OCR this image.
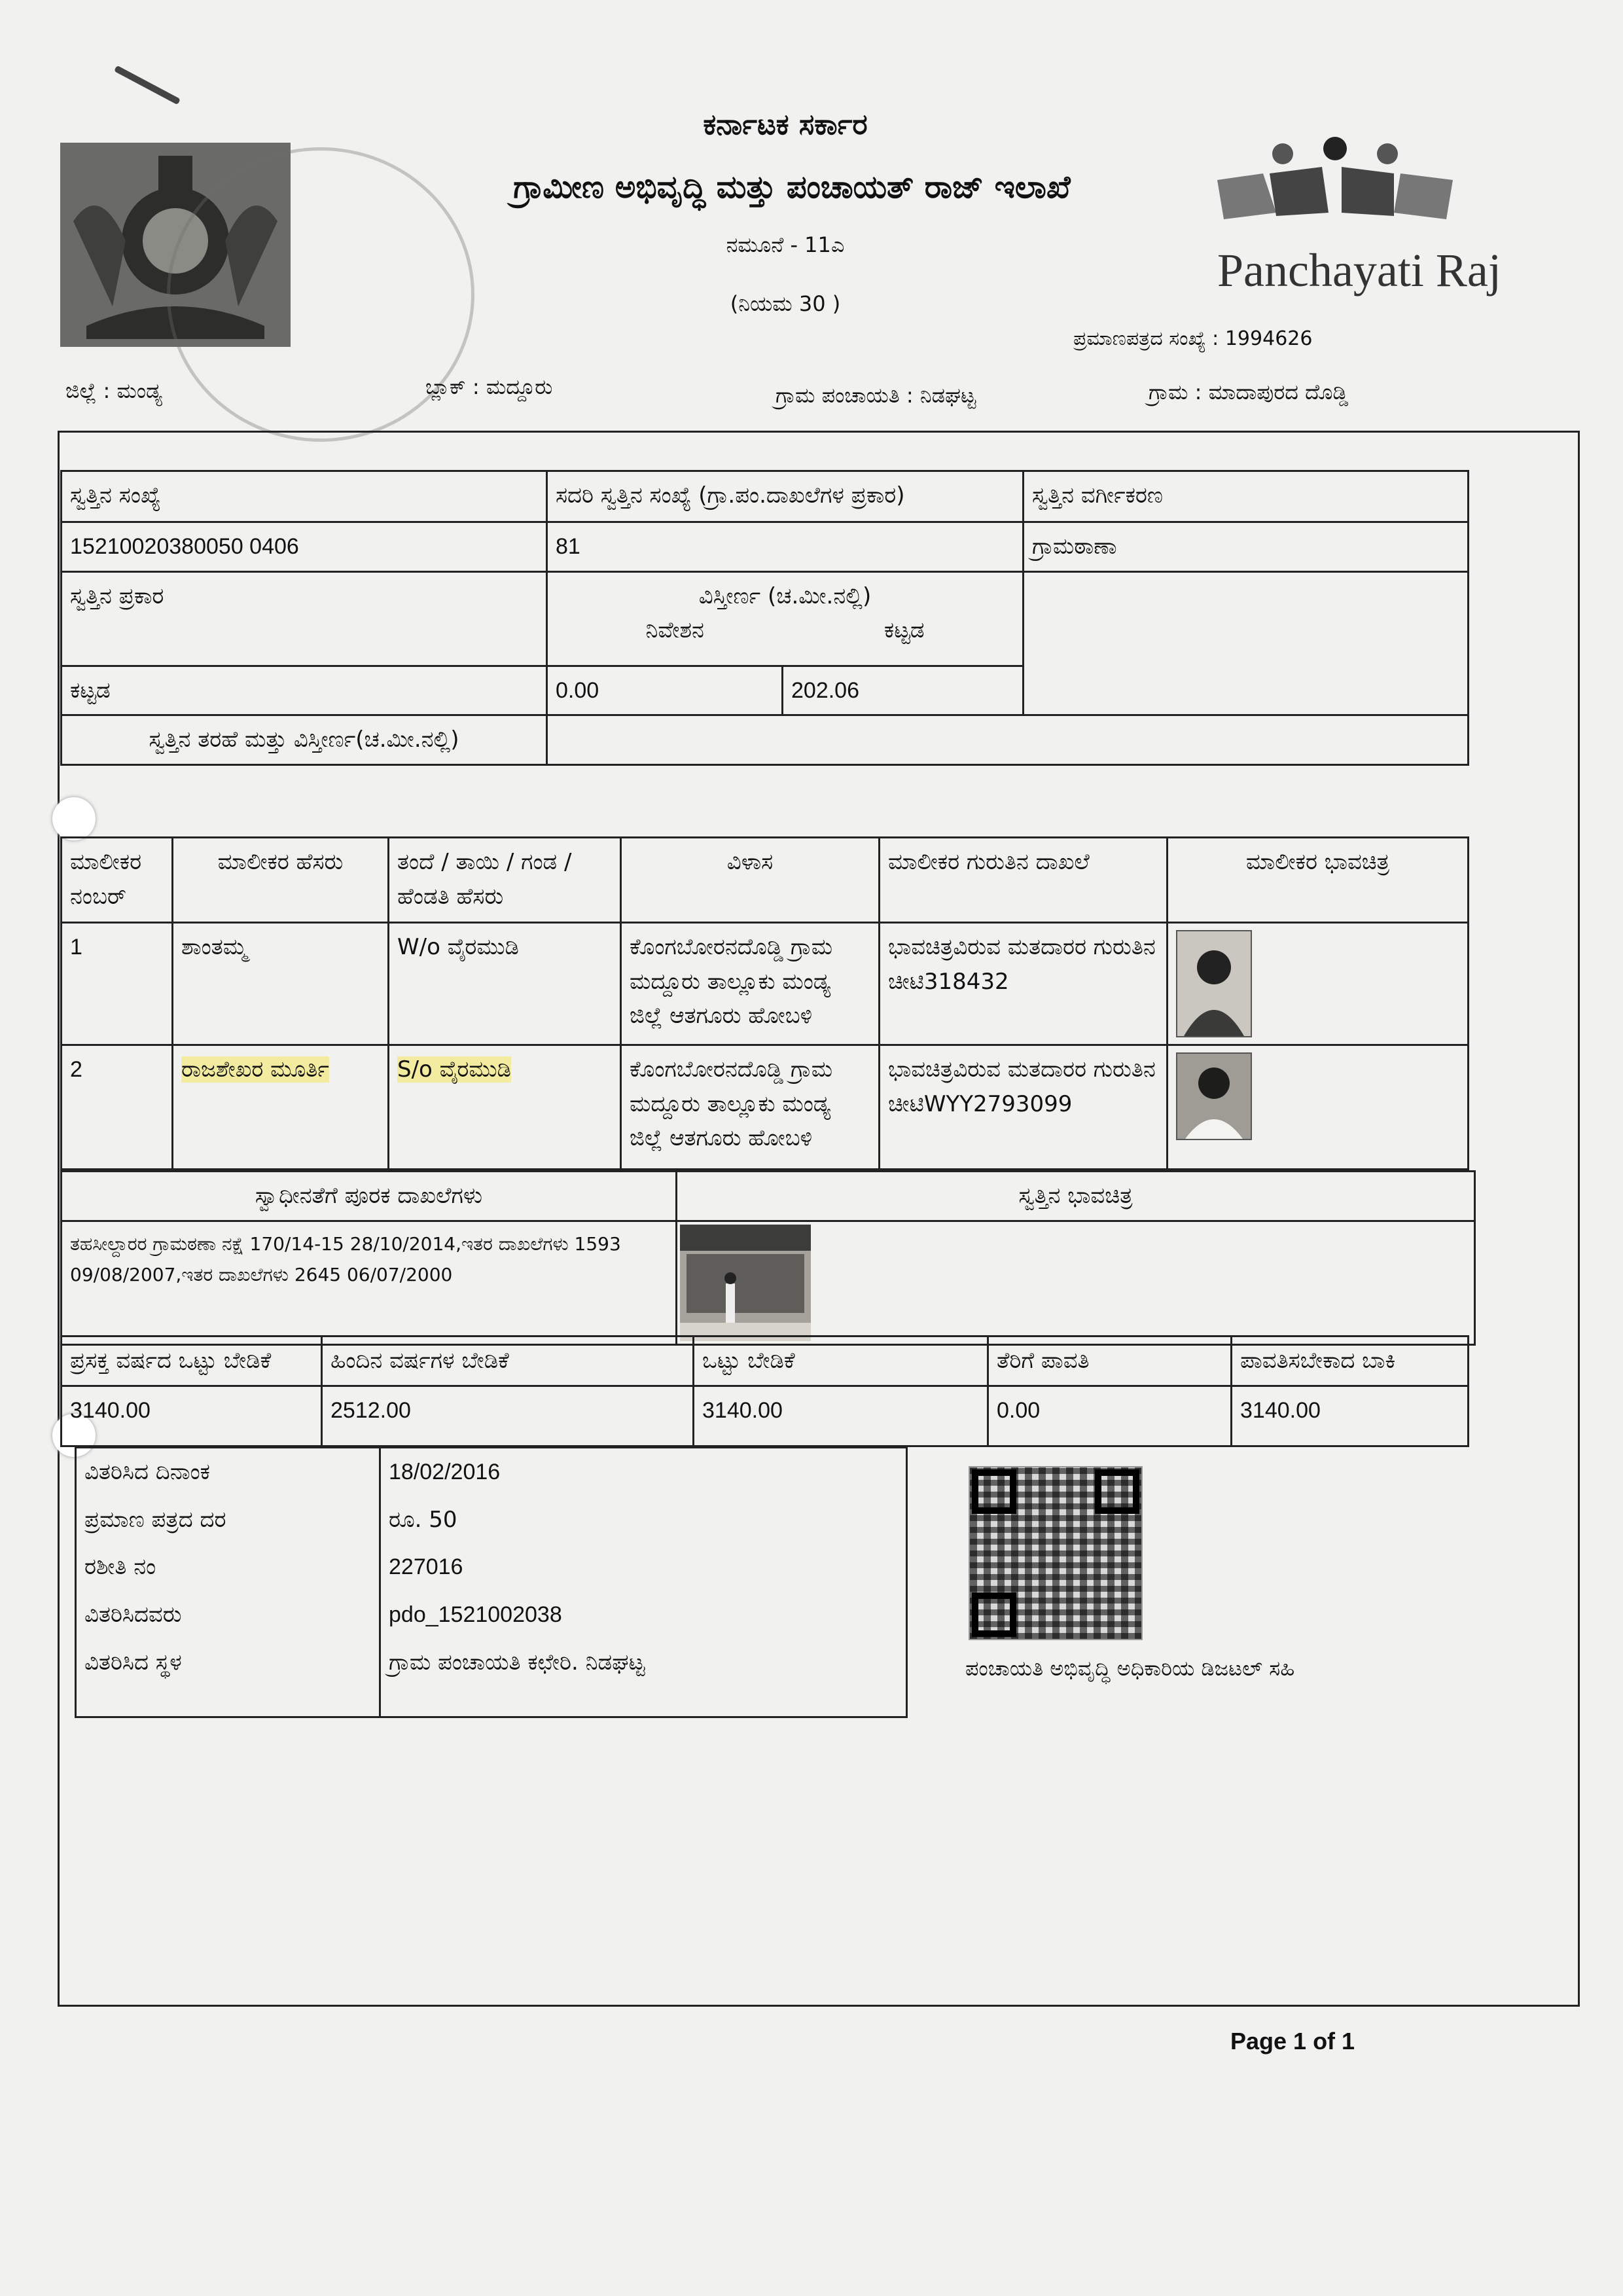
ಕರ್ನಾಟಕ ಸರ್ಕಾರ
ಗ್ರಾಮೀಣ ಅಭಿವೃದ್ಧಿ ಮತ್ತು ಪಂಚಾಯತ್ ರಾಜ್ ಇಲಾಖೆ
ನಮೂನೆ - 11ಎ
(ನಿಯಮ 30 )
Panchayati Raj
ಪ್ರಮಾಣಪತ್ರದ ಸಂಖ್ಯೆ : 1994626
ಜಿಲ್ಲೆ : ಮಂಡ್ಯ	ಬ್ಲಾಕ್ : ಮದ್ದೂರು	ಗ್ರಾಮ ಪಂಚಾಯತಿ : ನಿಡಘಟ್ಟ	ಗ್ರಾಮ : ಮಾದಾಪುರದ ದೊಡ್ಡಿ
ಸ್ವತ್ತಿನ ಸಂಖ್ಯೆ	ಸದರಿ ಸ್ವತ್ತಿನ ಸಂಖ್ಯೆ (ಗ್ರಾ.ಪಂ.ದಾಖಲೆಗಳ ಪ್ರಕಾರ)		ಸ್ವತ್ತಿನ ವರ್ಗೀಕರಣ
15210020380050 0406	81		ಗ್ರಾಮಠಾಣಾ
ಸ್ವತ್ತಿನ ಪ್ರಕಾರ	ವಿಸ್ತೀರ್ಣ (ಚ.ಮೀ.ನಲ್ಲಿ)
ನಿವೇಶನ ಕಟ್ಟಡ		

ಕಟ್ಟಡ	0.00	202.06	
ಸ್ವತ್ತಿನ ತರಹೆ ಮತ್ತು ವಿಸ್ತೀರ್ಣ(ಚ.ಮೀ.ನಲ್ಲಿ)			
ಮಾಲೀಕರ ನಂಬರ್	ಮಾಲೀಕರ ಹೆಸರು	ತಂದೆ / ತಾಯಿ / ಗಂಡ / ಹೆಂಡತಿ ಹೆಸರು	ವಿಳಾಸ	ಮಾಲೀಕರ ಗುರುತಿನ ದಾಖಲೆ	ಮಾಲೀಕರ ಭಾವಚಿತ್ರ
1	ಶಾಂತಮ್ಮ	W/o ವೈರಮುಡಿ	ಕೊಂಗಬೋರನದೊಡ್ಡಿ ಗ್ರಾಮ ಮದ್ದೂರು ತಾಲ್ಲೂಕು ಮಂಡ್ಯ ಜಿಲ್ಲೆ ಆತಗೂರು ಹೋಬಳಿ	ಭಾವಚಿತ್ರವಿರುವ ಮತದಾರರ ಗುರುತಿನ ಚೀಟಿ318432	

2	ರಾಜಶೇಖರ ಮೂರ್ತಿ	S/o ವೈರಮುಡಿ	ಕೊಂಗಬೋರನದೊಡ್ಡಿ ಗ್ರಾಮ ಮದ್ದೂರು ತಾಲ್ಲೂಕು ಮಂಡ್ಯ ಜಿಲ್ಲೆ ಆತಗೂರು ಹೋಬಳಿ	ಭಾವಚಿತ್ರವಿರುವ ಮತದಾರರ ಗುರುತಿನ ಚೀಟಿWYY2793099	
ಸ್ವಾಧೀನತೆಗೆ ಪೂರಕ ದಾಖಲೆಗಳು	ಸ್ವತ್ತಿನ ಭಾವಚಿತ್ರ
ತಹಸೀಲ್ದಾರರ ಗ್ರಾಮಠಣಾ ನಕ್ಷೆ 170/14-15 28/10/2014,ಇತರ ದಾಖಲೆಗಳು 1593 09/08/2007,ಇತರ ದಾಖಲೆಗಳು 2645 06/07/2000	
ಪ್ರಸಕ್ತ ವರ್ಷದ ಒಟ್ಟು ಬೇಡಿಕೆ	ಹಿಂದಿನ ವರ್ಷಗಳ ಬೇಡಿಕೆ	ಒಟ್ಟು ಬೇಡಿಕೆ	ತೆರಿಗೆ ಪಾವತಿ	ಪಾವತಿಸಬೇಕಾದ ಬಾಕಿ
3140.00	2512.00	3140.00	0.00	3140.00
ವಿತರಿಸಿದ ದಿನಾಂಕ	18/02/2016
ಪ್ರಮಾಣ ಪತ್ರದ ದರ	ರೂ. 50
ರಶೀತಿ ನಂ	227016
ವಿತರಿಸಿದವರು	pdo_1521002038
ವಿತರಿಸಿದ ಸ್ಥಳ	ಗ್ರಾಮ ಪಂಚಾಯತಿ ಕಛೇರಿ. ನಿಡಘಟ್ಟ	ಪಂಚಾಯತಿ ಅಭಿವೃದ್ಧಿ ಅಧಿಕಾರಿಯ ಡಿಜಟಲ್ ಸಹಿ
Page 1 of 1
